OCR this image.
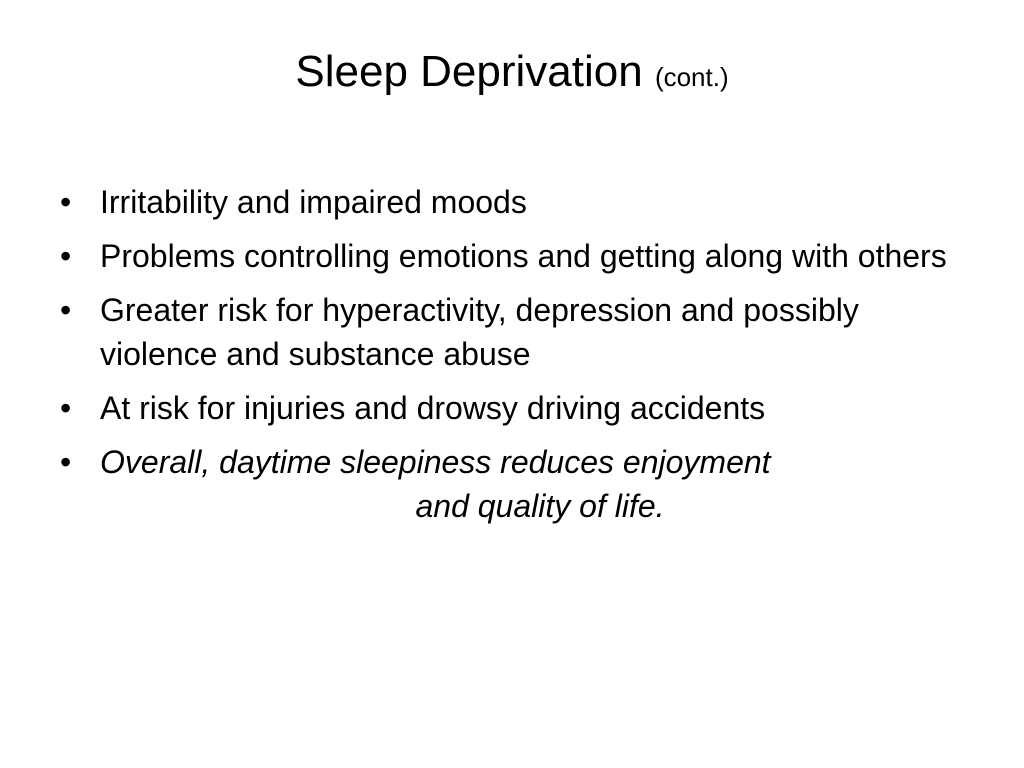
Sleep Deprivation (cont.)
• Irritability and impaired moods
• Problems controlling emotions and getting along with others
• Greater risk for hyperactivity, depression and possibly violence and substance abuse
• At risk for injuries and drowsy driving accidents
• Overall, daytime sleepiness reduces enjoyment
and quality of life.
